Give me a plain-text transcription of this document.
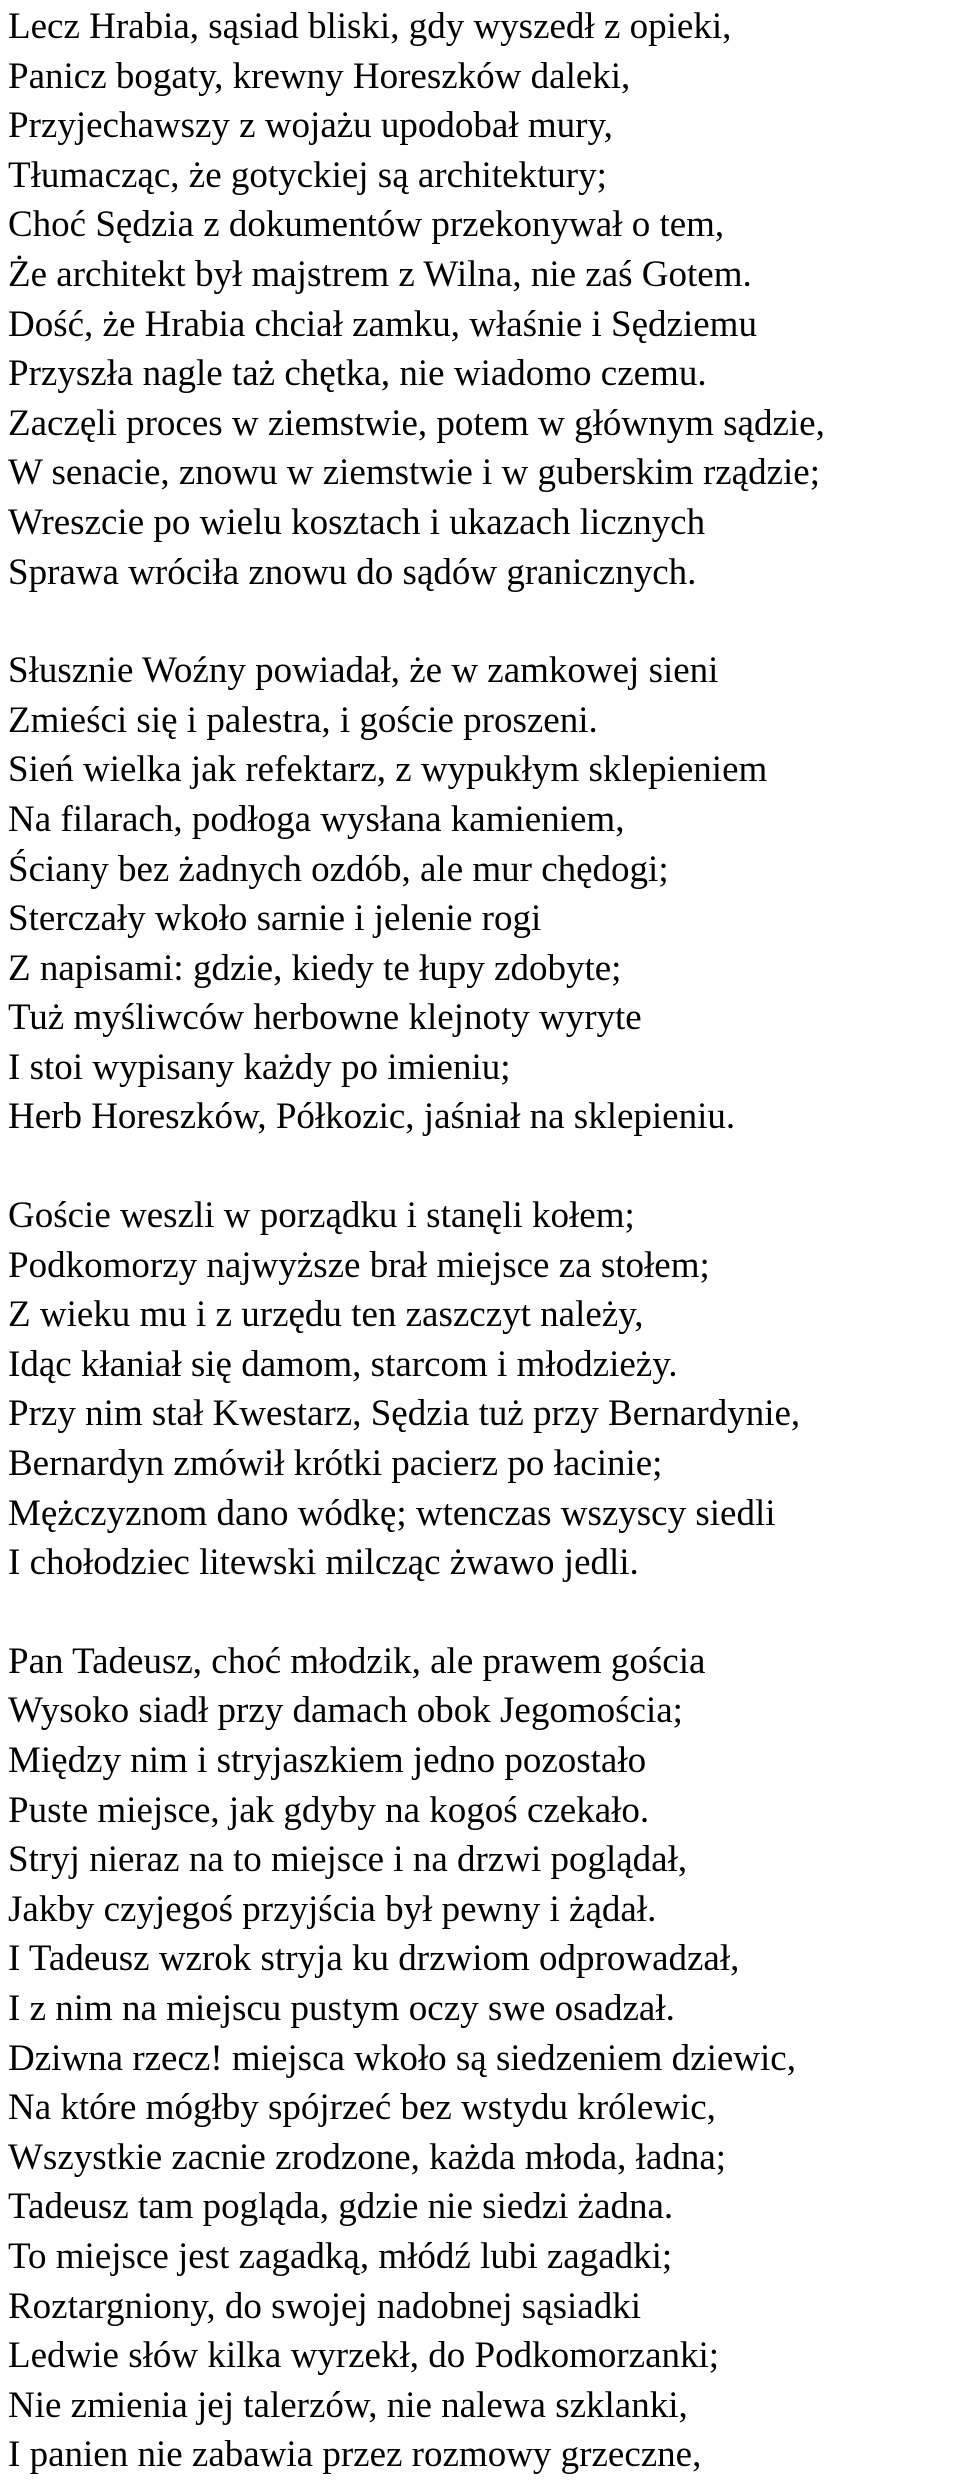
Lecz Hrabia, sąsiad bliski, gdy wyszedł z opieki,
Panicz bogaty, krewny Horeszków daleki,
Przyjechawszy z wojażu upodobał mury,
Tłumacząc, że gotyckiej są architektury;
Choć Sędzia z dokumentów przekonywał o tem,
Że architekt był majstrem z Wilna, nie zaś Gotem.
Dość, że Hrabia chciał zamku, właśnie i Sędziemu
Przyszła nagle taż chętka, nie wiadomo czemu.
Zaczęli proces w ziemstwie, potem w głównym sądzie,
W senacie, znowu w ziemstwie i w guberskim rządzie;
Wreszcie po wielu kosztach i ukazach licznych
Sprawa wróciła znowu do sądów granicznych.
Słusznie Woźny powiadał, że w zamkowej sieni
Zmieści się i palestra, i goście proszeni.
Sień wielka jak refektarz, z wypukłym sklepieniem
Na filarach, podłoga wysłana kamieniem,
Ściany bez żadnych ozdób, ale mur chędogi;
Sterczały wkoło sarnie i jelenie rogi
Z napisami: gdzie, kiedy te łupy zdobyte;
Tuż myśliwców herbowne klejnoty wyryte
I stoi wypisany każdy po imieniu;
Herb Horeszków, Półkozic, jaśniał na sklepieniu.
Goście weszli w porządku i stanęli kołem;
Podkomorzy najwyższe brał miejsce za stołem;
Z wieku mu i z urzędu ten zaszczyt należy,
Idąc kłaniał się damom, starcom i młodzieży.
Przy nim stał Kwestarz, Sędzia tuż przy Bernardynie,
Bernardyn zmówił krótki pacierz po łacinie;
Mężczyznom dano wódkę; wtenczas wszyscy siedli
I chołodziec litewski milcząc żwawo jedli.
Pan Tadeusz, choć młodzik, ale prawem gościa
Wysoko siadł przy damach obok Jegomościa;
Między nim i stryjaszkiem jedno pozostało
Puste miejsce, jak gdyby na kogoś czekało.
Stryj nieraz na to miejsce i na drzwi poglądał,
Jakby czyjegoś przyjścia był pewny i żądał.
I Tadeusz wzrok stryja ku drzwiom odprowadzał,
I z nim na miejscu pustym oczy swe osadzał.
Dziwna rzecz! miejsca wkoło są siedzeniem dziewic,
Na które mógłby spójrzeć bez wstydu królewic,
Wszystkie zacnie zrodzone, każda młoda, ładna;
Tadeusz tam pogląda, gdzie nie siedzi żadna.
To miejsce jest zagadką, młódź lubi zagadki;
Roztargniony, do swojej nadobnej sąsiadki
Ledwie słów kilka wyrzekł, do Podkomorzanki;
Nie zmienia jej talerzów, nie nalewa szklanki,
I panien nie zabawia przez rozmowy grzeczne,
